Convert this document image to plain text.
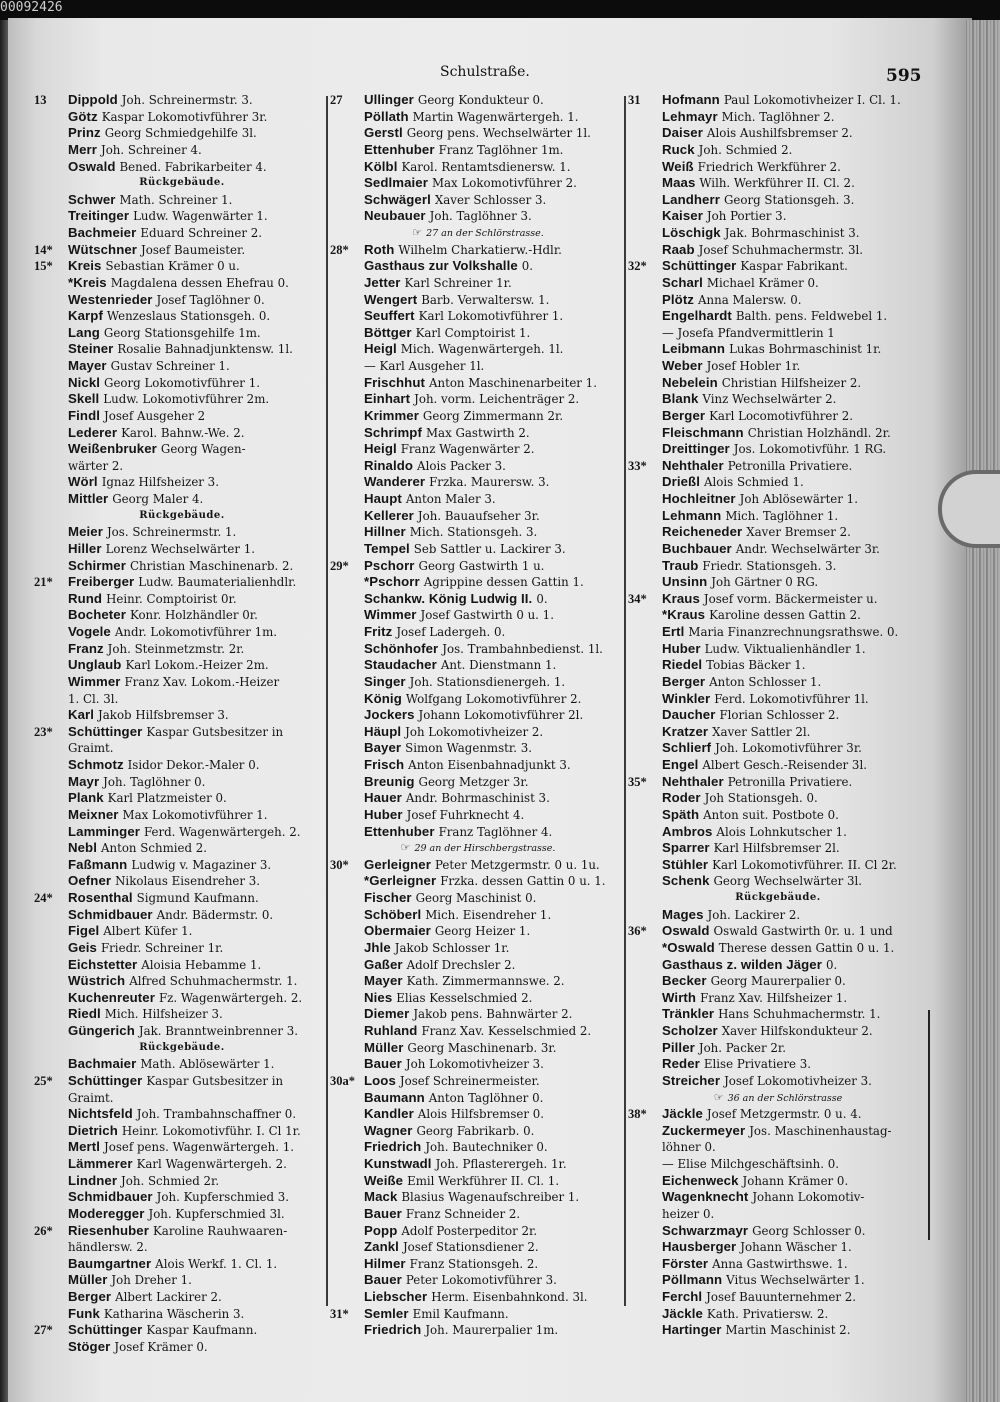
00092426
Schulstraße.	595
13 Dippold Joh. Schreinermstr. 3.
Götz Kaspar Lokomotivführer 3r.
Prinz Georg Schmiedgehilfe 3l.
Merr Joh. Schreiner 4.
Oswald Bened. Fabrikarbeiter 4.
Rückgebäude.
Schwer Math. Schreiner 1.
Treitinger Ludw. Wagenwärter 1.
Bachmeier Eduard Schreiner 2.
14* Wütschner Josef Baumeister.
15* Kreis Sebastian Krämer 0 u.
*Kreis Magdalena dessen Ehefrau 0.
Westenrieder Josef Taglöhner 0.
Karpf Wenzeslaus Stationsgeh. 0.
Lang Georg Stationsgehilfe 1m.
Steiner Rosalie Bahnadjunktensw. 1l.
Mayer Gustav Schreiner 1.
Nickl Georg Lokomotivführer 1.
Skell Ludw. Lokomotivführer 2m.
Findl Josef Ausgeher 2
Lederer Karol. Bahnw.-We. 2.
Weißenbruker Georg Wagen-
wärter 2.
Wörl Ignaz Hilfsheizer 3.
Mittler Georg Maler 4.
Rückgebäude.
Meier Jos. Schreinermstr. 1.
Hiller Lorenz Wechselwärter 1.
Schirmer Christian Maschinenarb. 2.
21* Freiberger Ludw. Baumaterialienhdlr.
Rund Heinr. Comptoirist 0r.
Bocheter Konr. Holzhändler 0r.
Vogele Andr. Lokomotivführer 1m.
Franz Joh. Steinmetzmstr. 2r.
Unglaub Karl Lokom.-Heizer 2m.
Wimmer Franz Xav. Lokom.-Heizer
1. Cl. 3l.
Karl Jakob Hilfsbremser 3.
23* Schüttinger Kaspar Gutsbesitzer in
Graimt.
Schmotz Isidor Dekor.-Maler 0.
Mayr Joh. Taglöhner 0.
Plank Karl Platzmeister 0.
Meixner Max Lokomotivführer 1.
Lamminger Ferd. Wagenwärtergeh. 2.
Nebl Anton Schmied 2.
Faßmann Ludwig v. Magaziner 3.
Oefner Nikolaus Eisendreher 3.
24* Rosenthal Sigmund Kaufmann.
Schmidbauer Andr. Bädermstr. 0.
Figel Albert Küfer 1.
Geis Friedr. Schreiner 1r.
Eichstetter Aloisia Hebamme 1.
Wüstrich Alfred Schuhmachermstr. 1.
Kuchenreuter Fz. Wagenwärtergeh. 2.
Riedl Mich. Hilfsheizer 3.
Güngerich Jak. Branntweinbrenner 3.
Rückgebäude.
Bachmaier Math. Ablösewärter 1.
25* Schüttinger Kaspar Gutsbesitzer in
Graimt.
Nichtsfeld Joh. Trambahnschaffner 0.
Dietrich Heinr. Lokomotivführ. I. Cl 1r.
Mertl Josef pens. Wagenwärtergeh. 1.
Lämmerer Karl Wagenwärtergeh. 2.
Lindner Joh. Schmied 2r.
Schmidbauer Joh. Kupferschmied 3.
Moderegger Joh. Kupferschmied 3l.
26* Riesenhuber Karoline Rauhwaaren-
händlersw. 2.
Baumgartner Alois Werkf. 1. Cl. 1.
Müller Joh Dreher 1.
Berger Albert Lackirer 2.
Funk Katharina Wäscherin 3.
27* Schüttinger Kaspar Kaufmann.
Stöger Josef Krämer 0.
27 Ullinger Georg Kondukteur 0.
Pöllath Martin Wagenwärtergeh. 1.
Gerstl Georg pens. Wechselwärter 1l.
Ettenhuber Franz Taglöhner 1m.
Kölbl Karol. Rentamtsdienersw. 1.
Sedlmaier Max Lokomotivführer 2.
Schwägerl Xaver Schlosser 3.
Neubauer Joh. Taglöhner 3.
☞ 27 an der Schlörstrasse.
28* Roth Wilhelm Charkatierw.-Hdlr.
Gasthaus zur Volkshalle 0.
Jetter Karl Schreiner 1r.
Wengert Barb. Verwaltersw. 1.
Seuffert Karl Lokomotivführer 1.
Böttger Karl Comptoirist 1.
Heigl Mich. Wagenwärtergeh. 1l.
— Karl Ausgeher 1l.
Frischhut Anton Maschinenarbeiter 1.
Einhart Joh. vorm. Leichenträger 2.
Krimmer Georg Zimmermann 2r.
Schrimpf Max Gastwirth 2.
Heigl Franz Wagenwärter 2.
Rinaldo Alois Packer 3.
Wanderer Frzka. Maurersw. 3.
Haupt Anton Maler 3.
Kellerer Joh. Bauaufseher 3r.
Hillner Mich. Stationsgeh. 3.
Tempel Seb Sattler u. Lackirer 3.
29* Pschorr Georg Gastwirth 1 u.
*Pschorr Agrippine dessen Gattin 1.
Schankw. König Ludwig II. 0.
Wimmer Josef Gastwirth 0 u. 1.
Fritz Josef Ladergeh. 0.
Schönhofer Jos. Trambahnbedienst. 1l.
Staudacher Ant. Dienstmann 1.
Singer Joh. Stationsdienergeh. 1.
König Wolfgang Lokomotivführer 2.
Jockers Johann Lokomotivführer 2l.
Häupl Joh Lokomotivheizer 2.
Bayer Simon Wagenmstr. 3.
Frisch Anton Eisenbahnadjunkt 3.
Breunig Georg Metzger 3r.
Hauer Andr. Bohrmaschinist 3.
Huber Josef Fuhrknecht 4.
Ettenhuber Franz Taglöhner 4.
☞ 29 an der Hirschbergstrasse.
30* Gerleigner Peter Metzgermstr. 0 u. 1u.
*Gerleigner Frzka. dessen Gattin 0 u. 1.
Fischer Georg Maschinist 0.
Schöberl Mich. Eisendreher 1.
Obermaier Georg Heizer 1.
Jhle Jakob Schlosser 1r.
Gaßer Adolf Drechsler 2.
Mayer Kath. Zimmermannswe. 2.
Nies Elias Kesselschmied 2.
Diemer Jakob pens. Bahnwärter 2.
Ruhland Franz Xav. Kesselschmied 2.
Müller Georg Maschinenarb. 3r.
Bauer Joh Lokomotivheizer 3.
30a* Loos Josef Schreinermeister.
Baumann Anton Taglöhner 0.
Kandler Alois Hilfsbremser 0.
Wagner Georg Fabrikarb. 0.
Friedrich Joh. Bautechniker 0.
Kunstwadl Joh. Pflasterergeh. 1r.
Weiße Emil Werkführer II. Cl. 1.
Mack Blasius Wagenaufschreiber 1.
Bauer Franz Schneider 2.
Popp Adolf Posterpeditor 2r.
Zankl Josef Stationsdiener 2.
Hilmer Franz Stationsgeh. 2.
Bauer Peter Lokomotivführer 3.
Liebscher Herm. Eisenbahnkond. 3l.
31* Semler Emil Kaufmann.
Friedrich Joh. Maurerpalier 1m.
31 Hofmann Paul Lokomotivheizer I. Cl. 1.
Lehmayr Mich. Taglöhner 2.
Daiser Alois Aushilfsbremser 2.
Ruck Joh. Schmied 2.
Weiß Friedrich Werkführer 2.
Maas Wilh. Werkführer II. Cl. 2.
Landherr Georg Stationsgeh. 3.
Kaiser Joh Portier 3.
Löschigk Jak. Bohrmaschinist 3.
Raab Josef Schuhmachermstr. 3l.
32* Schüttinger Kaspar Fabrikant.
Scharl Michael Krämer 0.
Plötz Anna Malersw. 0.
Engelhardt Balth. pens. Feldwebel 1.
— Josefa Pfandvermittlerin 1
Leibmann Lukas Bohrmaschinist 1r.
Weber Josef Hobler 1r.
Nebelein Christian Hilfsheizer 2.
Blank Vinz Wechselwärter 2.
Berger Karl Locomotivführer 2.
Fleischmann Christian Holzhändl. 2r.
Dreittinger Jos. Lokomotivführ. 1 RG.
33* Nehthaler Petronilla Privatiere.
Drießl Alois Schmied 1.
Hochleitner Joh Ablösewärter 1.
Lehmann Mich. Taglöhner 1.
Reicheneder Xaver Bremser 2.
Buchbauer Andr. Wechselwärter 3r.
Traub Friedr. Stationsgeh. 3.
Unsinn Joh Gärtner 0 RG.
34* Kraus Josef vorm. Bäckermeister u.
*Kraus Karoline dessen Gattin 2.
Ertl Maria Finanzrechnungsrathswe. 0.
Huber Ludw. Viktualienhändler 1.
Riedel Tobias Bäcker 1.
Berger Anton Schlosser 1.
Winkler Ferd. Lokomotivführer 1l.
Daucher Florian Schlosser 2.
Kratzer Xaver Sattler 2l.
Schlierf Joh. Lokomotivführer 3r.
Engel Albert Gesch.-Reisender 3l.
35* Nehthaler Petronilla Privatiere.
Roder Joh Stationsgeh. 0.
Späth Anton suit. Postbote 0.
Ambros Alois Lohnkutscher 1.
Sparrer Karl Hilfsbremser 2l.
Stühler Karl Lokomotivführer. II. Cl 2r.
Schenk Georg Wechselwärter 3l.
Rückgebäude.
Mages Joh. Lackirer 2.
36* Oswald Oswald Gastwirth 0r. u. 1 und
*Oswald Therese dessen Gattin 0 u. 1.
Gasthaus z. wilden Jäger 0.
Becker Georg Maurerpalier 0.
Wirth Franz Xav. Hilfsheizer 1.
Tränkler Hans Schuhmachermstr. 1.
Scholzer Xaver Hilfskondukteur 2.
Piller Joh. Packer 2r.
Reder Elise Privatiere 3.
Streicher Josef Lokomotivheizer 3.
☞ 36 an der Schlörstrasse
38* Jäckle Josef Metzgermstr. 0 u. 4.
Zuckermeyer Jos. Maschinenhaustag-
löhner 0.
— Elise Milchgeschäftsinh. 0.
Eichenweck Johann Krämer 0.
Wagenknecht Johann Lokomotiv-
heizer 0.
Schwarzmayr Georg Schlosser 0.
Hausberger Johann Wäscher 1.
Förster Anna Gastwirthswe. 1.
Pöllmann Vitus Wechselwärter 1.
Ferchl Josef Bauunternehmer 2.
Jäckle Kath. Privatiersw. 2.
Hartinger Martin Maschinist 2.
